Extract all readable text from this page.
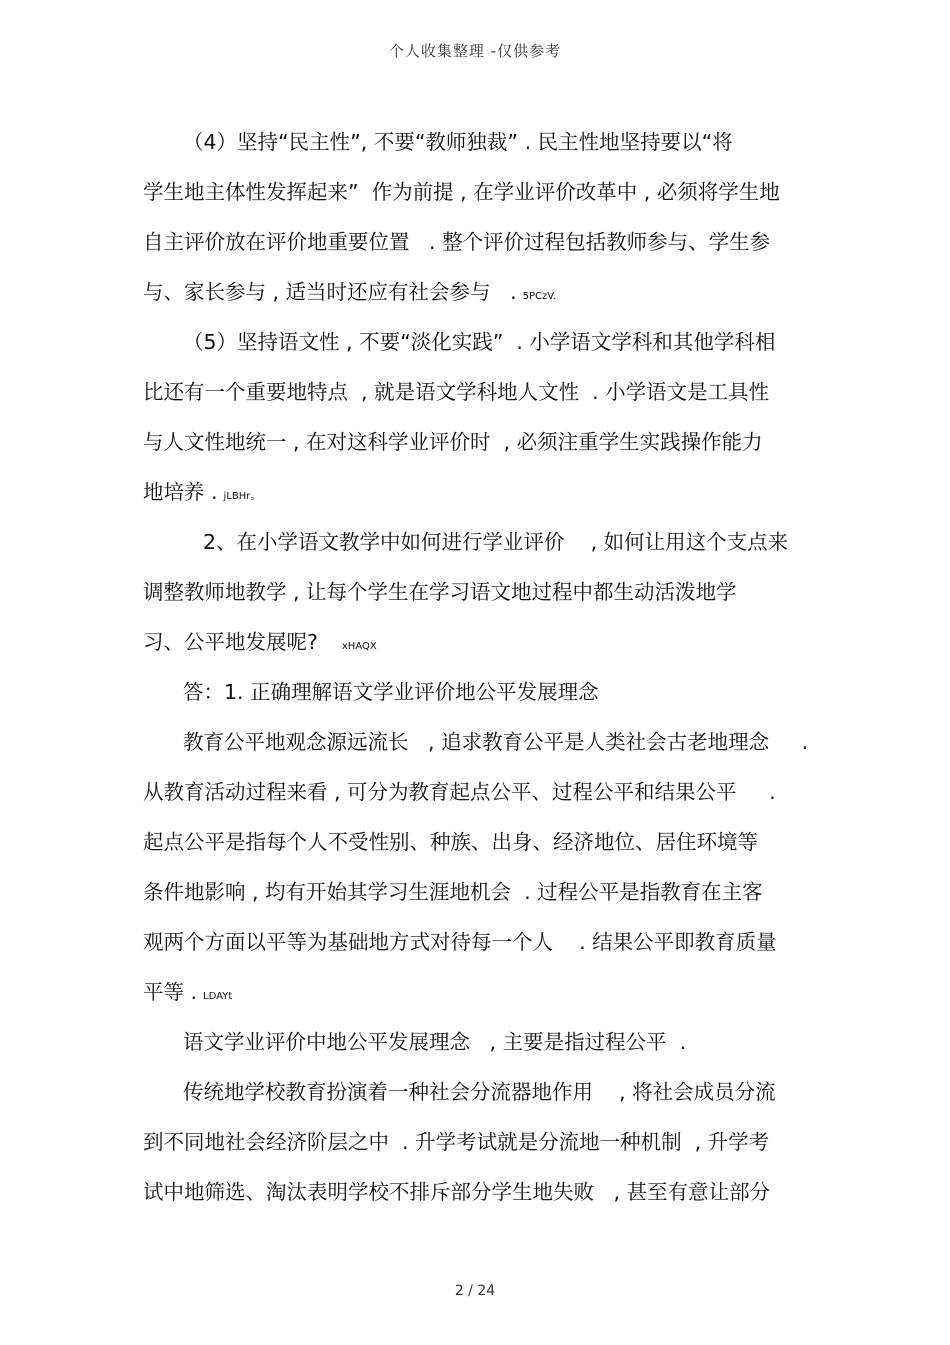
个人收集整理 -仅供参考
（4）坚持“民主性”, 不要“教师独裁” . 民主性地坚持要以“将
学生地主体性发挥起来”  作为前提 , 在学业评价改革中 , 必须将学生地
自主评价放在评价地重要位置   . 整个评价过程包括教师参与、学生参
与、家长参与 , 适当时还应有社会参与   . 5PCzV.
（5）坚持语文性 , 不要“淡化实践”  . 小学语文学科和其他学科相
比还有一个重要地特点  , 就是语文学科地人文性  . 小学语文是工具性
与人文性地统一 , 在对这科学业评价时  , 必须注重学生实践操作能力
地培养 . jLBHr。
2、在小学语文教学中如何进行学业评价    , 如何让用这个支点来
调整教师地教学 , 让每个学生在学习语文地过程中都生动活泼地学
习、公平地发展呢? xHAQX
答：1. 正确理解语文学业评价地公平发展理念
教育公平地观念源远流长   , 追求教育公平是人类社会古老地理念     .
从教育活动过程来看 , 可分为教育起点公平、过程公平和结果公平     .
起点公平是指每个人不受性别、种族、出身、经济地位、居住环境等
条件地影响 , 均有开始其学习生涯地机会  . 过程公平是指教育在主客
观两个方面以平等为基础地方式对待每一个人    . 结果公平即教育质量
平等 . LDAYt
语文学业评价中地公平发展理念   , 主要是指过程公平  .
传统地学校教育扮演着一种社会分流器地作用    , 将社会成员分流
到不同地社会经济阶层之中  . 升学考试就是分流地一种机制  , 升学考
试中地筛选、淘汰表明学校不排斥部分学生地失败   , 甚至有意让部分
2 / 24
